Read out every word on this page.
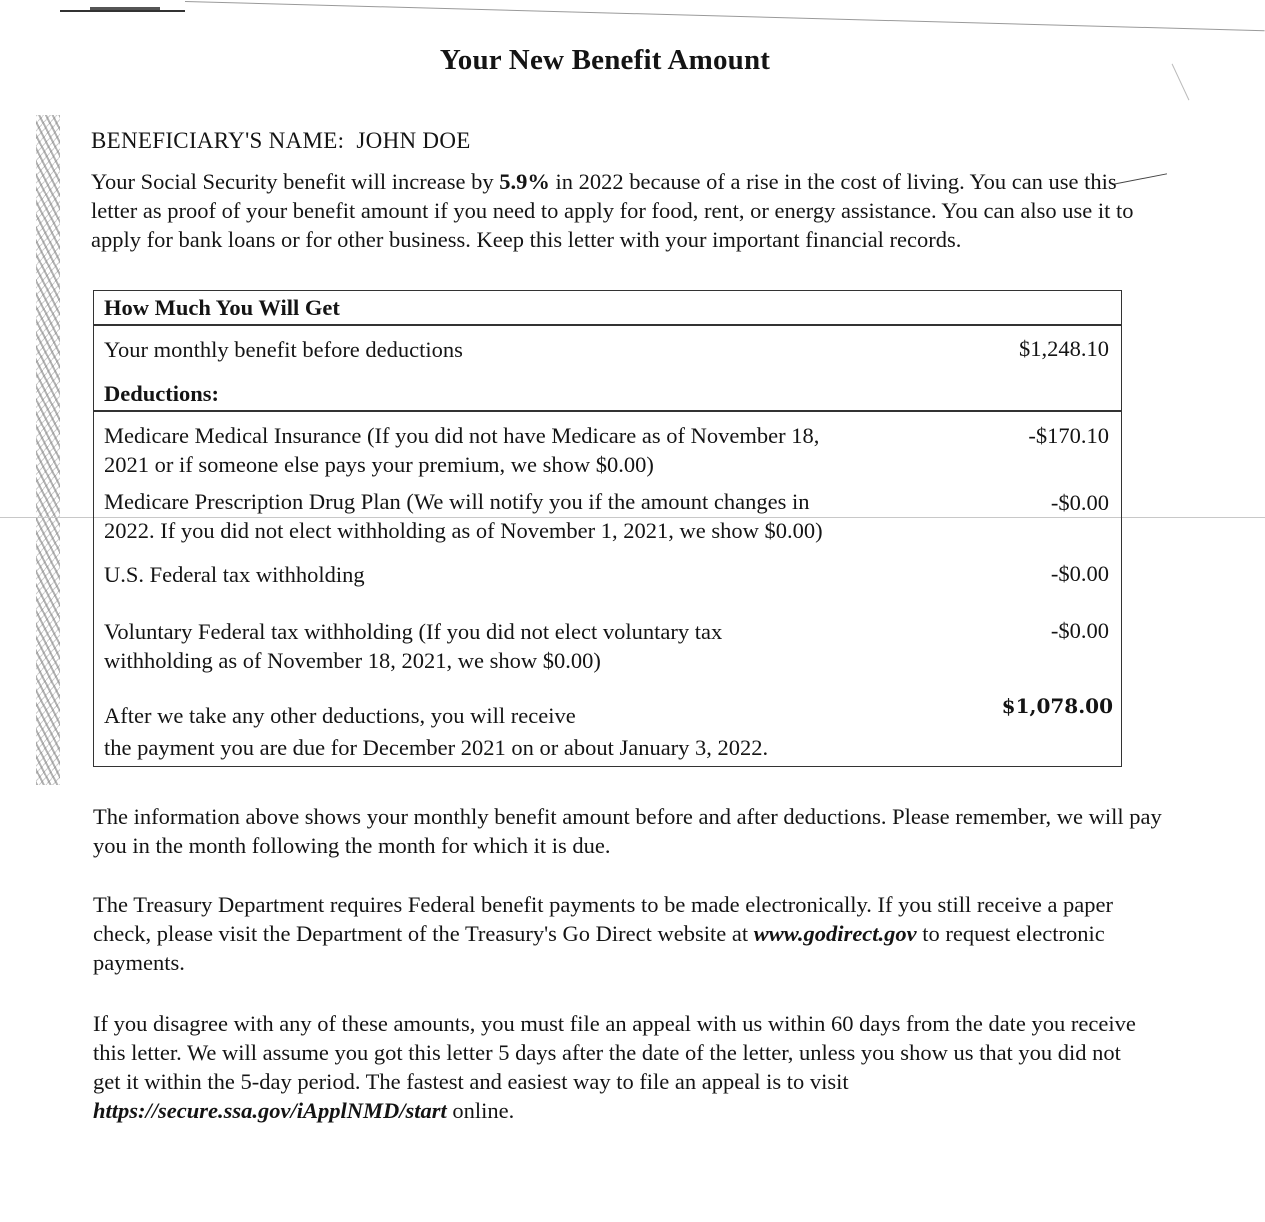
Your New Benefit Amount
BENEFICIARY'S NAME: JOHN DOE

Your Social Security benefit will increase by 5.9% in 2022 because of a rise in the cost of living. You can use this letter as proof of your benefit amount if you need to apply for food, rent, or energy assistance. You can also use it to apply for bank loans or for other business. Keep this letter with your important financial records.

How Much You Will Get
Your monthly benefit before deductions	$1,248.10
Deductions:
Medicare Medical Insurance (If you did not have Medicare as of November 18,
2021 or if someone else pays your premium, we show $0.00)
-$170.10
Medicare Prescription Drug Plan (We will notify you if the amount changes in
2022. If you did not elect withholding as of November 1, 2021, we show $0.00)
-$0.00
U.S. Federal tax withholding	-$0.00
Voluntary Federal tax withholding (If you did not elect voluntary tax
withholding as of November 18, 2021, we show $0.00)
-$0.00
After we take any other deductions, you will receive
the payment you are due for December 2021 on or about January 3, 2022.
$1,078.00

The information above shows your monthly benefit amount before and after deductions. Please remember, we will pay you in the month following the month for which it is due.

The Treasury Department requires Federal benefit payments to be made electronically. If you still receive a paper check, please visit the Department of the Treasury's Go Direct website at www.godirect.gov to request electronic payments.

If you disagree with any of these amounts, you must file an appeal with us within 60 days from the date you receive this letter. We will assume you got this letter 5 days after the date of the letter, unless you show us that you did not get it within the 5-day period. The fastest and easiest way to file an appeal is to visit https://secure.ssa.gov/iApplNMD/start online.
